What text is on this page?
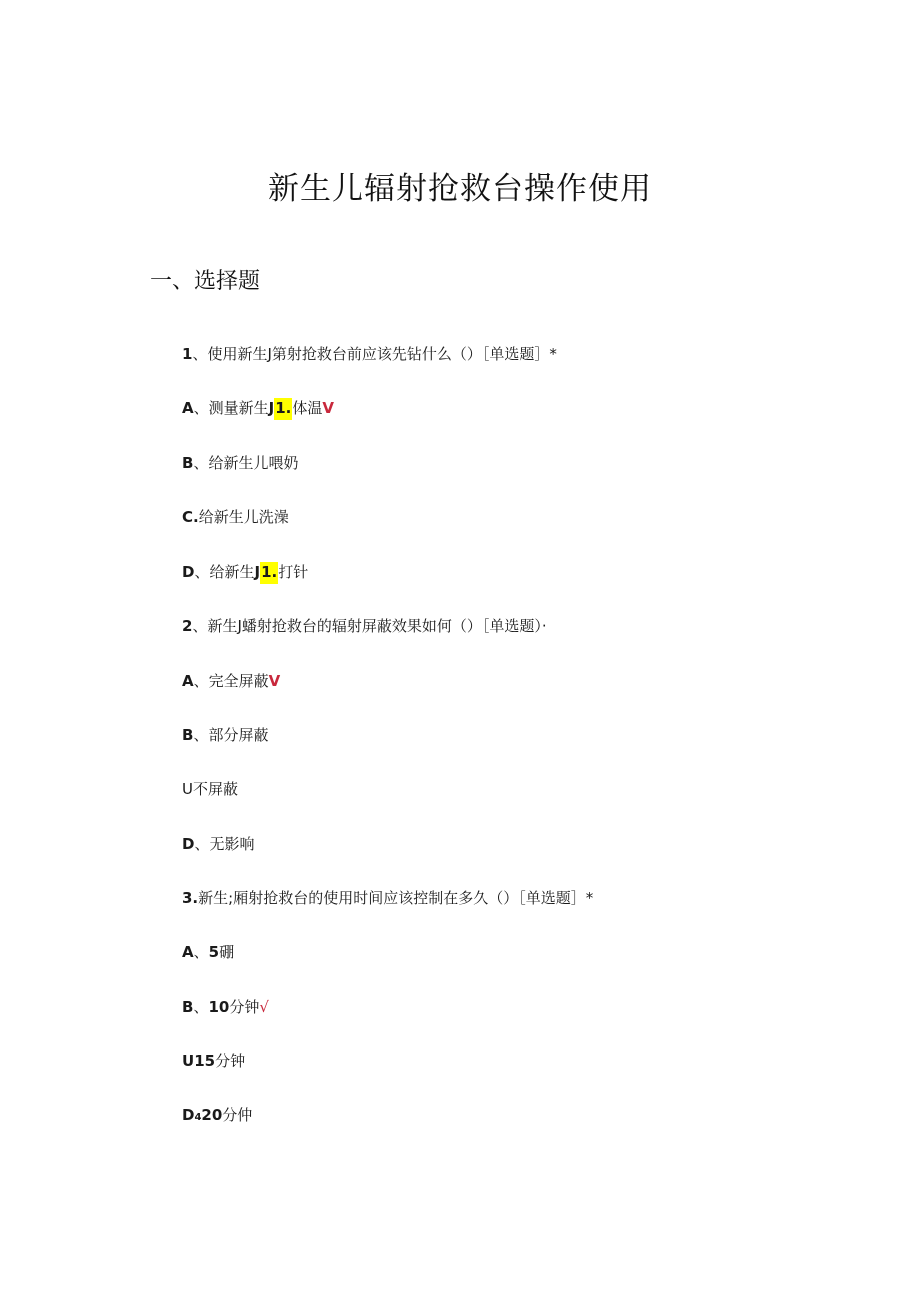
新生儿辐射抢救台操作使用
一、选择题
1、使用新生J第射抢救台前应该先钻什么（）［单选题］*
A、测量新生J1.体温V
B、给新生儿喂奶
C.给新生儿洗澡
D、给新生J1.打针
2、新生J蟠射抢救台的辐射屏蔽效果如何（）［单选题）·
A、完全屏蔽V
B、部分屏蔽
U不屏蔽
D、无影响
3.新生;厢射抢救台的使用时间应该控制在多久（）［单选题］*
A、5硼
B、10分钟√
U15分钟
D420分仲
